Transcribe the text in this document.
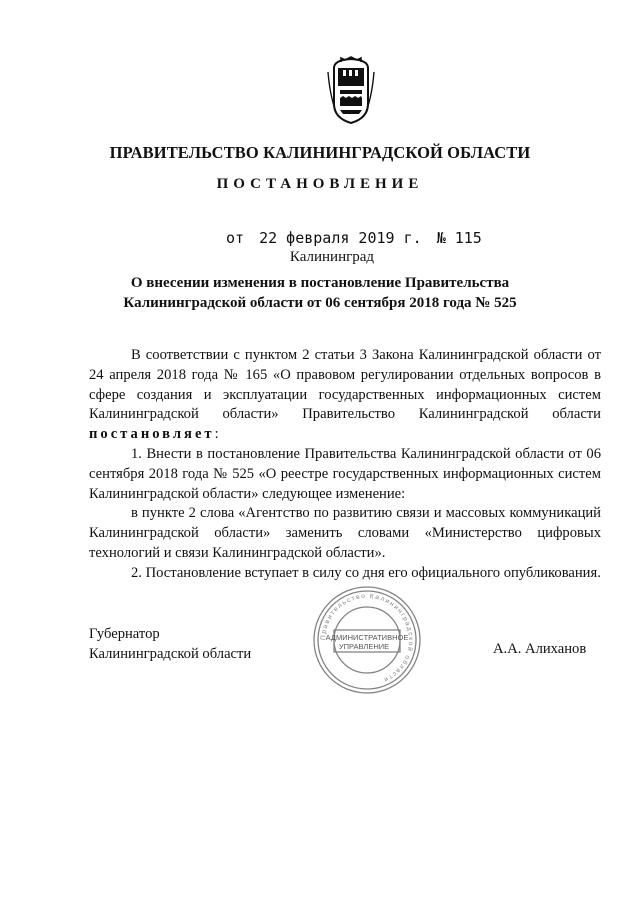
ПРАВИТЕЛЬСТВО КАЛИНИНГРАДСКОЙ ОБЛАСТИ
ПОСТАНОВЛЕНИЕ
от 22 февраля 2019 г. № 115
Калининград
О внесении изменения в постановление Правительства
Калининградской области от 06 сентября 2018 года № 525

В соответствии с пунктом 2 статьи 3 Закона Калининградской области от 24 апреля 2018 года № 165 «О правовом регулировании отдельных вопросов в сфере создания и эксплуатации государственных информационных систем Калининградской области» Правительство Калининградской области постановляет:

1. Внести в постановление Правительства Калининградской области от 06 сентября 2018 года № 525 «О реестре государственных информационных систем Калининградской области» следующее изменение:

в пункте 2 слова «Агентство по развитию связи и массовых коммуникаций Калининградской области» заменить словами «Министерство цифровых технологий и связи Калининградской области».

2. Постановление вступает в силу со дня его официального опубликования.

Губернатор
Калининградской области	А.А. Алиханов
Правительство Калининградской области
АДМИНИСТРАТИВНОЕ
УПРАВЛЕНИЕ
